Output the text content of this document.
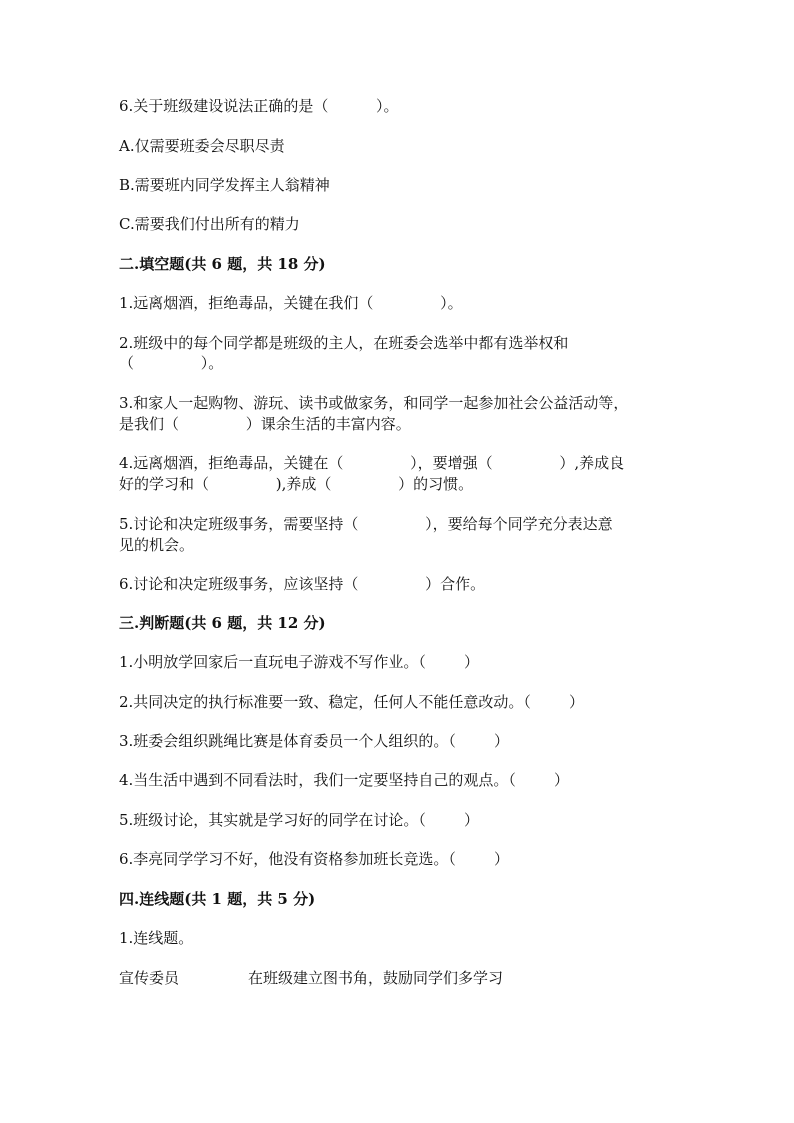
6.关于班级建设说法正确的是（          ）。
A.仅需要班委会尽职尽责
B.需要班内同学发挥主人翁精神
C.需要我们付出所有的精力
二.填空题(共 6 题，共 18 分)
1.远离烟酒，拒绝毒品，关键在我们（              ）。
2.班级中的每个同学都是班级的主人，在班委会选举中都有选举权和
（              ）。
3.和家人一起购物、游玩、读书或做家务，和同学一起参加社会公益活动等，
是我们（              ）课余生活的丰富内容。
4.远离烟酒，拒绝毒品，关键在（              ），要增强（              ）,养成良
好的学习和（              ),养成（              ）的习惯。
5.讨论和决定班级事务，需要坚持（              ），要给每个同学充分表达意
见的机会。
6.讨论和决定班级事务，应该坚持（              ）合作。
三.判断题(共 6 题，共 12 分)
1.小明放学回家后一直玩电子游戏不写作业。（        ）
2.共同决定的执行标准要一致、稳定，任何人不能任意改动。（        ）
3.班委会组织跳绳比赛是体育委员一个人组织的。（        ）
4.当生活中遇到不同看法时，我们一定要坚持自己的观点。（        ）
5.班级讨论，其实就是学习好的同学在讨论。（        ）
6.李亮同学学习不好，他没有资格参加班长竞选。（        ）
四.连线题(共 1 题，共 5 分)
1.连线题。
宣传委员	在班级建立图书角，鼓励同学们多学习
